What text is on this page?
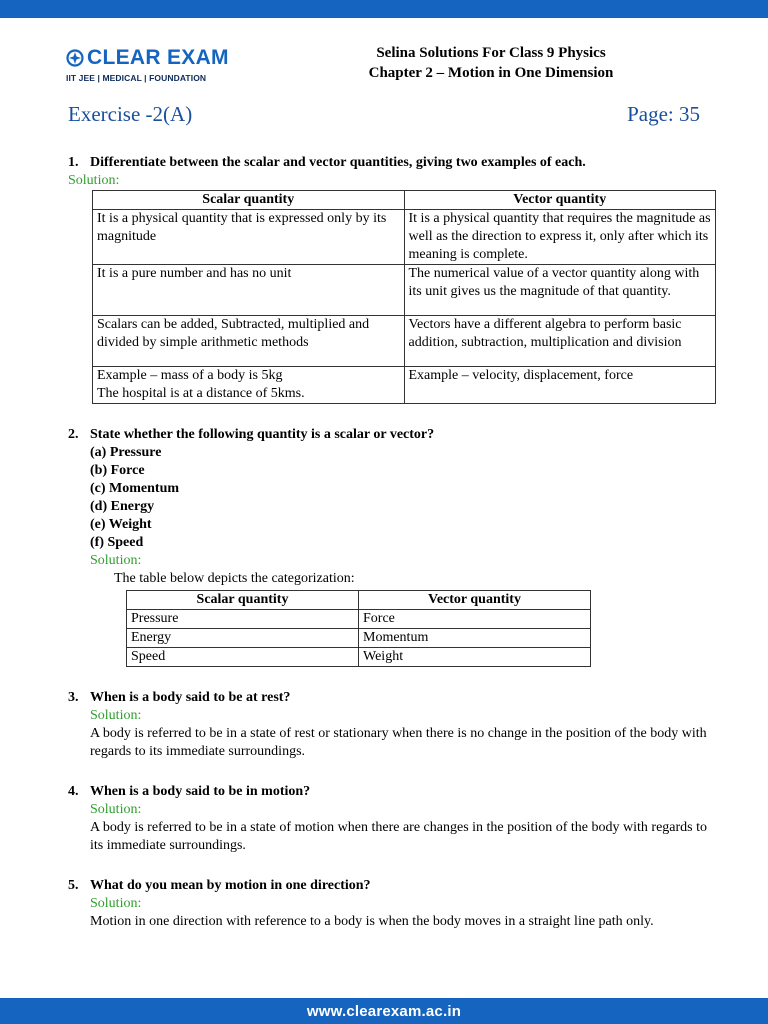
CLEAR EXAM
IIT JEE | MEDICAL | FOUNDATION
Selina Solutions For Class 9 Physics
Chapter 2 – Motion in One Dimension
Exercise -2(A)	Page: 35
1. Differentiate between the scalar and vector quantities, giving two examples of each.
Solution:
Scalar quantity	Vector quantity
It is a physical quantity that is expressed only by its magnitude	It is a physical quantity that requires the magnitude as well as the direction to express it, only after which its meaning is complete.
It is a pure number and has no unit	The numerical value of a vector quantity along with its unit gives us the magnitude of that quantity.
Scalars can be added, Subtracted, multiplied and divided by simple arithmetic methods	Vectors have a different algebra to perform basic addition, subtraction, multiplication and division

Example – mass of a body is 5kg
The hospital is at a distance of 5kms.	Example – velocity, displacement, force
2. State whether the following quantity is a scalar or vector?
(a) Pressure
(b) Force
(c) Momentum
(d) Energy
(e) Weight
(f) Speed
Solution:
The table below depicts the categorization:
Scalar quantity	Vector quantity
Pressure	Force
Energy	Momentum
Speed	Weight
3. When is a body said to be at rest?
Solution:
A body is referred to be in a state of rest or stationary when there is no change in the position of the body with regards to its immediate surroundings.
4. When is a body said to be in motion?
Solution:
A body is referred to be in a state of motion when there are changes in the position of the body with regards to its immediate surroundings.
5. What do you mean by motion in one direction?
Solution:
Motion in one direction with reference to a body is when the body moves in a straight line path only.
www.clearexam.ac.in
